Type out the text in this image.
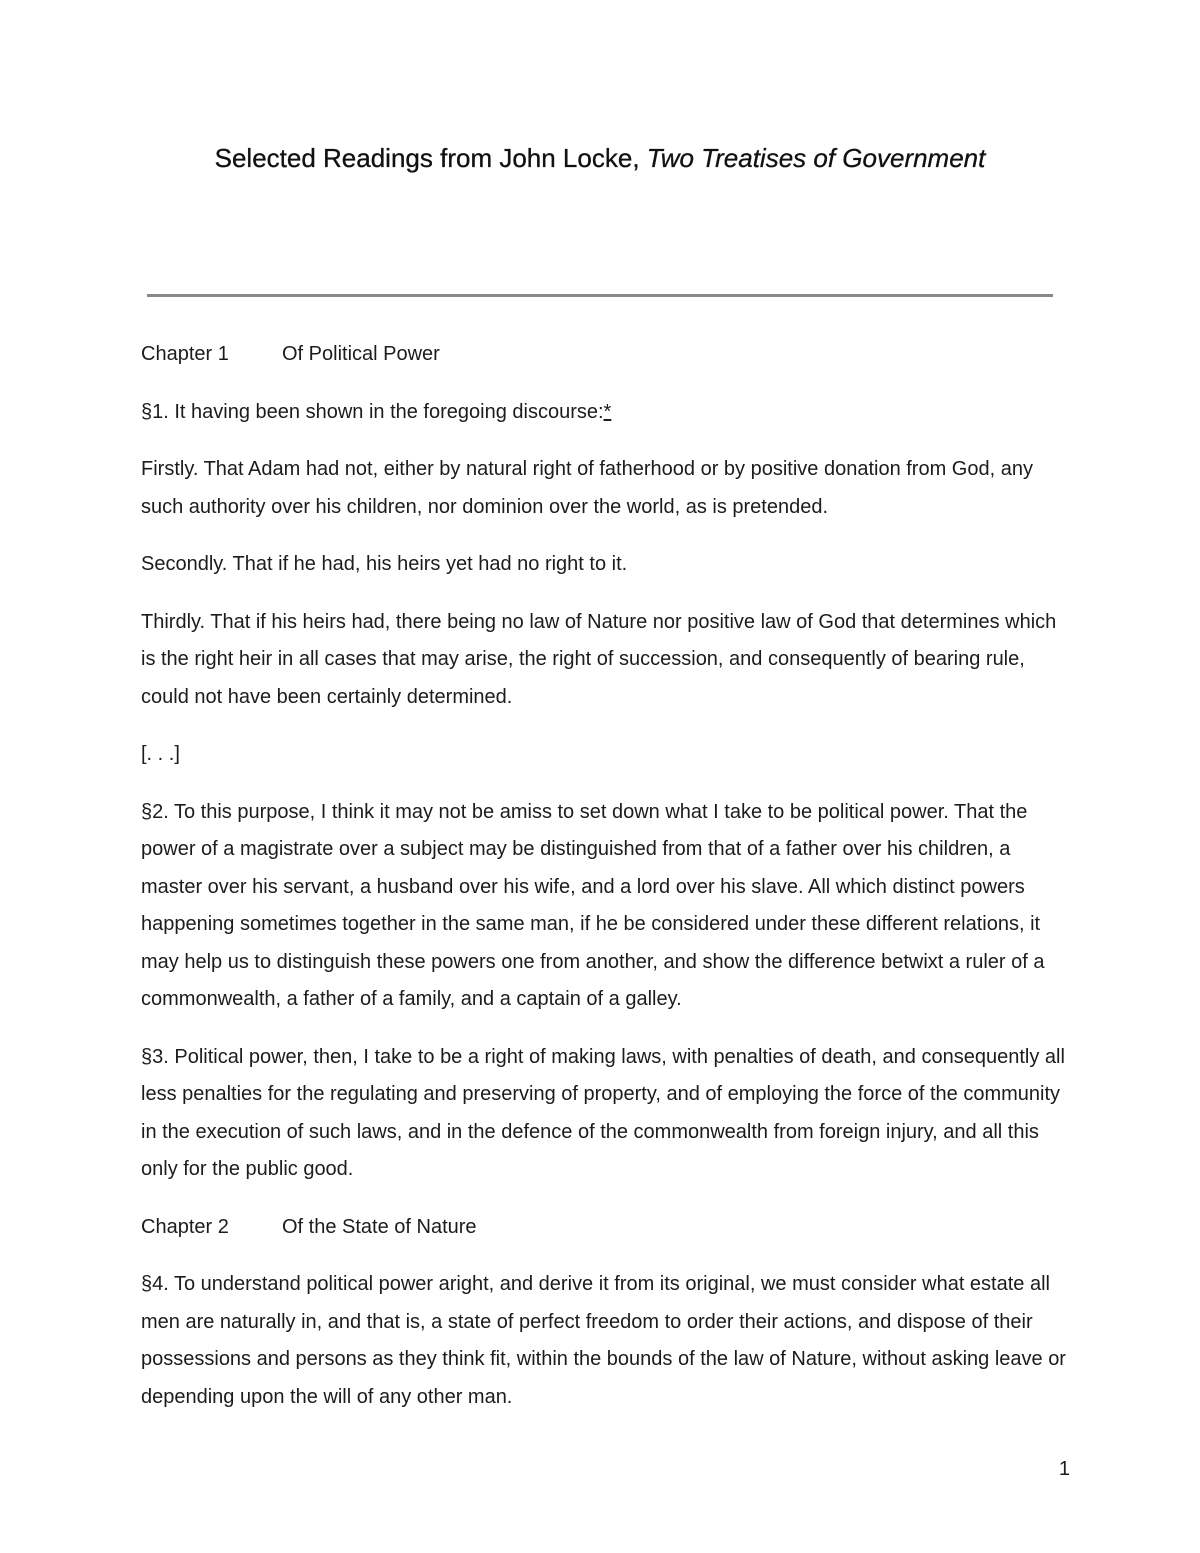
Selected Readings from John Locke, Two Treatises of Government

Chapter 1	Of Political Power

§1. It having been shown in the foregoing discourse:*

Firstly. That Adam had not, either by natural right of fatherhood or by positive donation from God, any such authority over his children, nor dominion over the world, as is pretended.

Secondly. That if he had, his heirs yet had no right to it.

Thirdly. That if his heirs had, there being no law of Nature nor positive law of God that determines which is the right heir in all cases that may arise, the right of succession, and consequently of bearing rule, could not have been certainly determined.

[. . .]

§2. To this purpose, I think it may not be amiss to set down what I take to be political power. That the power of a magistrate over a subject may be distinguished from that of a father over his children, a master over his servant, a husband over his wife, and a lord over his slave. All which distinct powers happening sometimes together in the same man, if he be considered under these different relations, it may help us to distinguish these powers one from another, and show the difference betwixt a ruler of a commonwealth, a father of a family, and a captain of a galley.

§3. Political power, then, I take to be a right of making laws, with penalties of death, and consequently all less penalties for the regulating and preserving of property, and of employing the force of the community in the execution of such laws, and in the defence of the commonwealth from foreign injury, and all this only for the public good.

Chapter 2	Of the State of Nature

§4. To understand political power aright, and derive it from its original, we must consider what estate all men are naturally in, and that is, a state of perfect freedom to order their actions, and dispose of their possessions and persons as they think fit, within the bounds of the law of Nature, without asking leave or depending upon the will of any other man.

1
